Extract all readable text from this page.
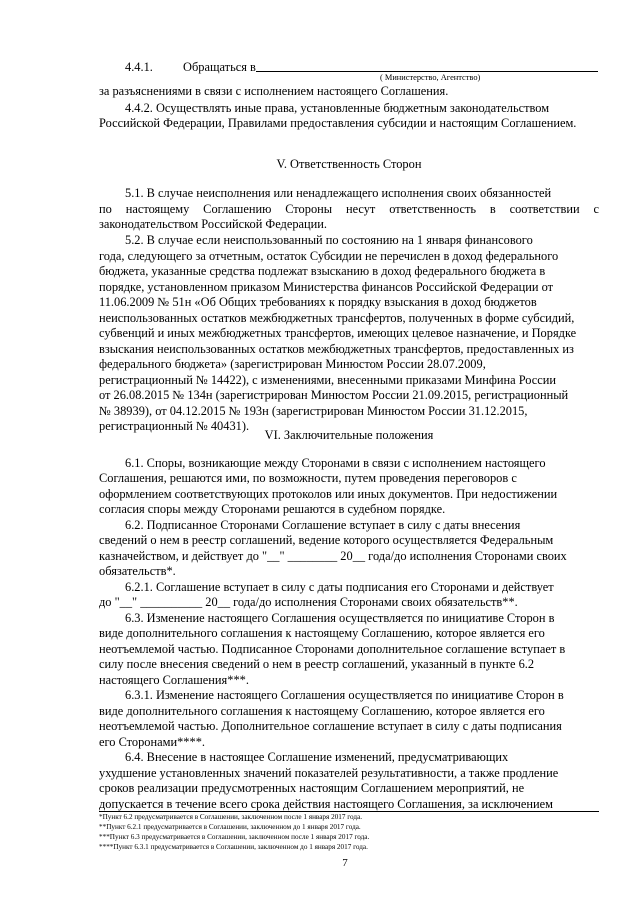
4.4.1. Обращаться в
( Министерство, Агентство)
за разъяснениями в связи с исполнением настоящего Соглашения.
4.4.2. Осуществлять иные права, установленные бюджетным законодательством
Российской Федерации, Правилами предоставления субсидии и настоящим Соглашением.
V. Ответственность Сторон
5.1. В случае неисполнения или ненадлежащего исполнения своих обязанностей
по настоящему Соглашению Стороны несут ответственность в соответствии с
законодательством Российской Федерации.
5.2. В случае если неиспользованный по состоянию на 1 января финансового
года, следующего за отчетным, остаток Субсидии не перечислен в доход федерального
бюджета, указанные средства подлежат взысканию в доход федерального бюджета в
порядке, установленном приказом Министерства финансов Российской Федерации от
11.06.2009 № 51н «Об Общих требованиях к порядку взыскания в доход бюджетов
неиспользованных остатков межбюджетных трансфертов, полученных в форме субсидий,
субвенций и иных межбюджетных трансфертов, имеющих целевое назначение, и Порядке
взыскания неиспользованных остатков межбюджетных трансфертов, предоставленных из
федерального бюджета» (зарегистрирован Минюстом России 28.07.2009,
регистрационный № 14422), с изменениями, внесенными приказами Минфина России
от 26.08.2015 № 134н (зарегистрирован Минюстом России 21.09.2015, регистрационный
№ 38939), от 04.12.2015 № 193н (зарегистрирован Минюстом России 31.12.2015,
регистрационный № 40431).
VI. Заключительные положения
6.1. Споры, возникающие между Сторонами в связи с исполнением настоящего
Соглашения, решаются ими, по возможности, путем проведения переговоров с
оформлением соответствующих протоколов или иных документов. При недостижении
согласия споры между Сторонами решаются в судебном порядке.
6.2. Подписанное Сторонами Соглашение вступает в силу с даты внесения
сведений о нем в реестр соглашений, ведение которого осуществляется Федеральным
казначейством, и действует до "__" ________ 20__ года/до исполнения Сторонами своих
обязательств*.
6.2.1. Соглашение вступает в силу с даты подписания его Сторонами и действует
до "__" __________ 20__ года/до исполнения Сторонами своих обязательств**.
6.3. Изменение настоящего Соглашения осуществляется по инициативе Сторон в
виде дополнительного соглашения к настоящему Соглашению, которое является его
неотъемлемой частью. Подписанное Сторонами дополнительное соглашение вступает в
силу после внесения сведений о нем в реестр соглашений, указанный в пункте 6.2
настоящего Соглашения***.
6.3.1. Изменение настоящего Соглашения осуществляется по инициативе Сторон в
виде дополнительного соглашения к настоящему Соглашению, которое является его
неотъемлемой частью. Дополнительное соглашение вступает в силу с даты подписания
его Сторонами****.
6.4. Внесение в настоящее Соглашение изменений, предусматривающих
ухудшение установленных значений показателей результативности, а также продление
сроков реализации предусмотренных настоящим Соглашением мероприятий, не
допускается в течение всего срока действия настоящего Соглашения, за исключением
*Пункт 6.2 предусматривается в Соглашении, заключенном после 1 января 2017 года.
**Пункт 6.2.1 предусматривается в Соглашении, заключенном до 1 января 2017 года.
***Пункт 6.3 предусматривается в Соглашении, заключенном после 1 января 2017 года.
****Пункт 6.3.1 предусматривается в Соглашении, заключенном до 1 января 2017 года.
7
